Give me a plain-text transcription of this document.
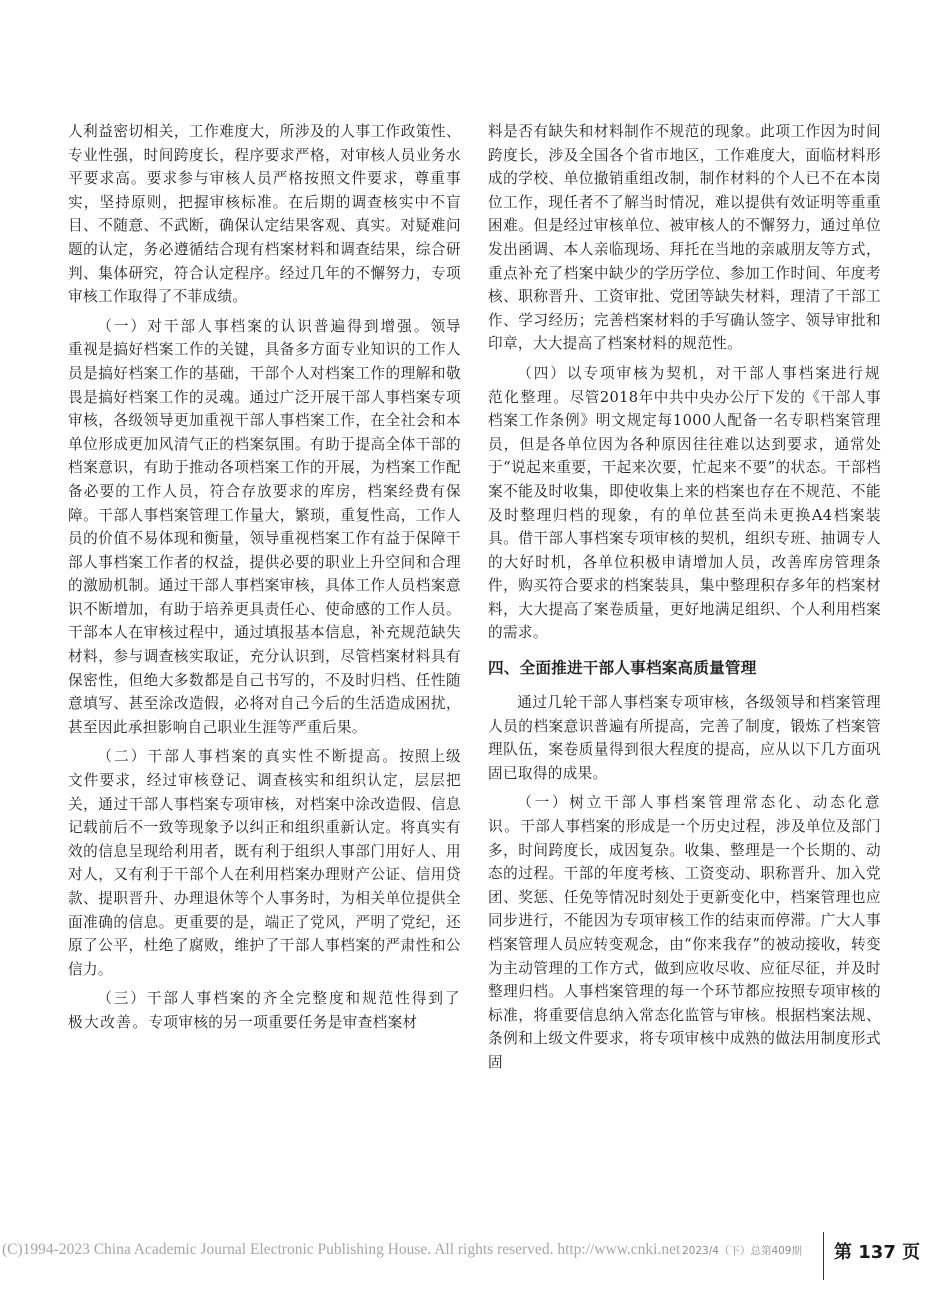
人利益密切相关，工作难度大，所涉及的人事工作政策性、专业性强，时间跨度长，程序要求严格，对审核人员业务水平要求高。要求参与审核人员严格按照文件要求，尊重事实，坚持原则，把握审核标准。在后期的调查核实中不盲目、不随意、不武断，确保认定结果客观、真实。对疑难问题的认定，务必遵循结合现有档案材料和调查结果，综合研判、集体研究，符合认定程序。经过几年的不懈努力，专项审核工作取得了不菲成绩。

（一）对干部人事档案的认识普遍得到增强。领导重视是搞好档案工作的关键，具备多方面专业知识的工作人员是搞好档案工作的基础，干部个人对档案工作的理解和敬畏是搞好档案工作的灵魂。通过广泛开展干部人事档案专项审核，各级领导更加重视干部人事档案工作，在全社会和本单位形成更加风清气正的档案氛围。有助于提高全体干部的档案意识，有助于推动各项档案工作的开展，为档案工作配备必要的工作人员，符合存放要求的库房，档案经费有保障。干部人事档案管理工作量大，繁琐，重复性高，工作人员的价值不易体现和衡量，领导重视档案工作有益于保障干部人事档案工作者的权益，提供必要的职业上升空间和合理的激励机制。通过干部人事档案审核，具体工作人员档案意识不断增加，有助于培养更具责任心、使命感的工作人员。干部本人在审核过程中，通过填报基本信息，补充规范缺失材料，参与调查核实取证，充分认识到，尽管档案材料具有保密性，但绝大多数都是自己书写的，不及时归档、任性随意填写、甚至涂改造假，必将对自己今后的生活造成困扰，甚至因此承担影响自己职业生涯等严重后果。

（二）干部人事档案的真实性不断提高。按照上级文件要求，经过审核登记、调查核实和组织认定，层层把关，通过干部人事档案专项审核，对档案中涂改造假、信息记载前后不一致等现象予以纠正和组织重新认定。将真实有效的信息呈现给利用者，既有利于组织人事部门用好人、用对人，又有利于干部个人在利用档案办理财产公证、信用贷款、提职晋升、办理退休等个人事务时，为相关单位提供全面准确的信息。更重要的是，端正了党风，严明了党纪，还原了公平，杜绝了腐败，维护了干部人事档案的严肃性和公信力。

（三）干部人事档案的齐全完整度和规范性得到了极大改善。专项审核的另一项重要任务是审查档案材

料是否有缺失和材料制作不规范的现象。此项工作因为时间跨度长，涉及全国各个省市地区，工作难度大，面临材料形成的学校、单位撤销重组改制，制作材料的个人已不在本岗位工作，现任者不了解当时情况，难以提供有效证明等重重困难。但是经过审核单位、被审核人的不懈努力，通过单位发出函调、本人亲临现场、拜托在当地的亲戚朋友等方式，重点补充了档案中缺少的学历学位、参加工作时间、年度考核、职称晋升、工资审批、党团等缺失材料，理清了干部工作、学习经历；完善档案材料的手写确认签字、领导审批和印章，大大提高了档案材料的规范性。

（四）以专项审核为契机，对干部人事档案进行规范化整理。尽管2018年中共中央办公厅下发的《干部人事档案工作条例》明文规定每1000人配备一名专职档案管理员，但是各单位因为各种原因往往难以达到要求，通常处于“说起来重要，干起来次要，忙起来不要”的状态。干部档案不能及时收集，即使收集上来的档案也存在不规范、不能及时整理归档的现象，有的单位甚至尚未更换A4档案装具。借干部人事档案专项审核的契机，组织专班、抽调专人的大好时机，各单位积极申请增加人员，改善库房管理条件，购买符合要求的档案装具，集中整理积存多年的档案材料，大大提高了案卷质量，更好地满足组织、个人利用档案的需求。

四、全面推进干部人事档案高质量管理

通过几轮干部人事档案专项审核，各级领导和档案管理人员的档案意识普遍有所提高，完善了制度，锻炼了档案管理队伍，案卷质量得到很大程度的提高，应从以下几方面巩固已取得的成果。

（一）树立干部人事档案管理常态化、动态化意识。干部人事档案的形成是一个历史过程，涉及单位及部门多，时间跨度长，成因复杂。收集、整理是一个长期的、动态的过程。干部的年度考核、工资变动、职称晋升、加入党团、奖惩、任免等情况时刻处于更新变化中，档案管理也应同步进行，不能因为专项审核工作的结束而停滞。广大人事档案管理人员应转变观念，由“你来我存”的被动接收，转变为主动管理的工作方式，做到应收尽收、应征尽征，并及时整理归档。人事档案管理的每一个环节都应按照专项审核的标准，将重要信息纳入常态化监管与审核。根据档案法规、条例和上级文件要求，将专项审核中成熟的做法用制度形式固

(C)1994-2023 China Academic Journal Electronic Publishing House. All rights reserved. http://www.cnki.net 2023/4（下）总第409期 第 137 页
